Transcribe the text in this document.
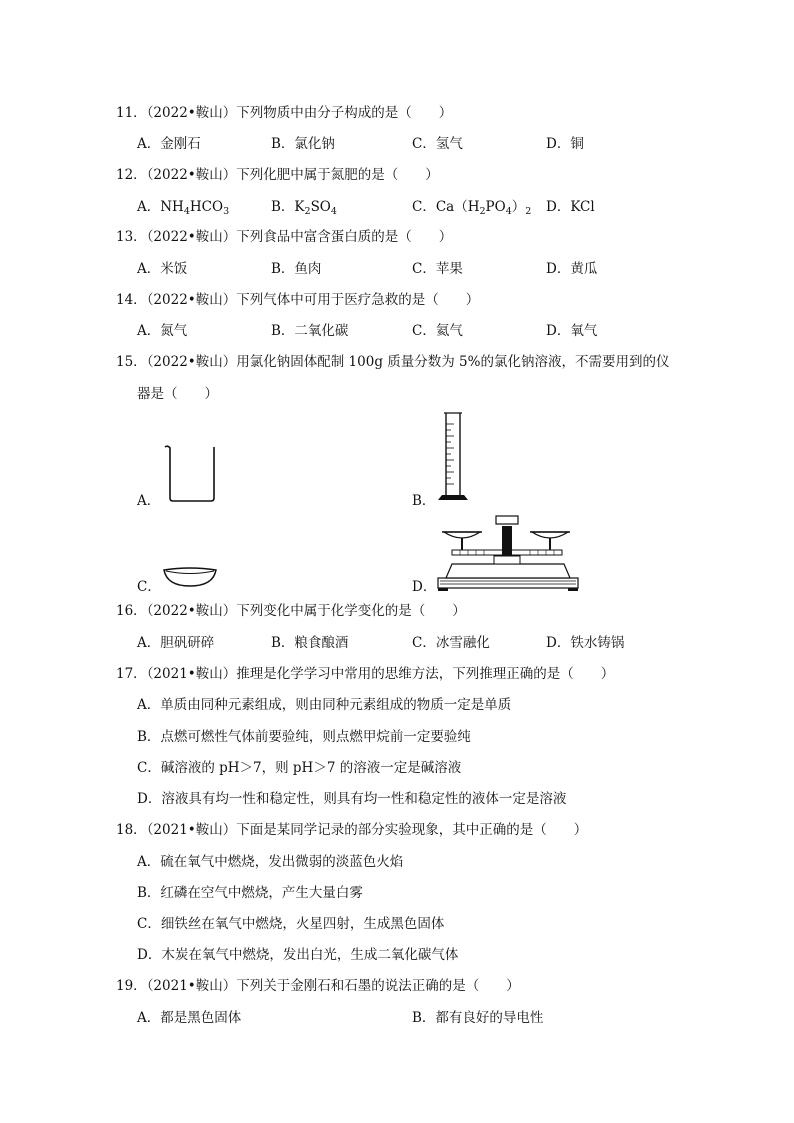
11．（2022•鞍山）下列物质中由分子构成的是（　　）
A．金刚石	B．氯化钠	C．氢气	D．铜
12．（2022•鞍山）下列化肥中属于氮肥的是（　　）
A．$NH_4HCO_3$	B．$K_2SO_4$	C．$Ca(H_2PO_4)_2$ D．KCl
13．（2022•鞍山）下列食品中富含蛋白质的是（　　）
A．米饭	B．鱼肉	C．苹果	D．黄瓜
14．（2022•鞍山）下列气体中可用于医疗急救的是（　　）
A．氮气	B．二氧化碳	C．氦气	D．氧气
15．（2022•鞍山）用氯化钠固体配制 100g 质量分数为 5%的氯化钠溶液，不需要用到的仪
器是（　　）
A．	B．
C．	D．
16．（2022•鞍山）下列变化中属于化学变化的是（　　）
A．胆矾研碎	B．粮食酿酒	C．冰雪融化	D．铁水铸锅
17．（2021•鞍山）推理是化学学习中常用的思维方法，下列推理正确的是（　　）
A．单质由同种元素组成，则由同种元素组成的物质一定是单质
B．点燃可燃性气体前要验纯，则点燃甲烷前一定要验纯
C．碱溶液的 pH＞7，则 pH＞7 的溶液一定是碱溶液
D．溶液具有均一性和稳定性，则具有均一性和稳定性的液体一定是溶液
18．（2021•鞍山）下面是某同学记录的部分实验现象，其中正确的是（　　）
A．硫在氧气中燃烧，发出微弱的淡蓝色火焰
B．红磷在空气中燃烧，产生大量白雾
C．细铁丝在氧气中燃烧，火星四射，生成黑色固体
D．木炭在氧气中燃烧，发出白光，生成二氧化碳气体
19．（2021•鞍山）下列关于金刚石和石墨的说法正确的是（　　）
A．都是黑色固体	B．都有良好的导电性
